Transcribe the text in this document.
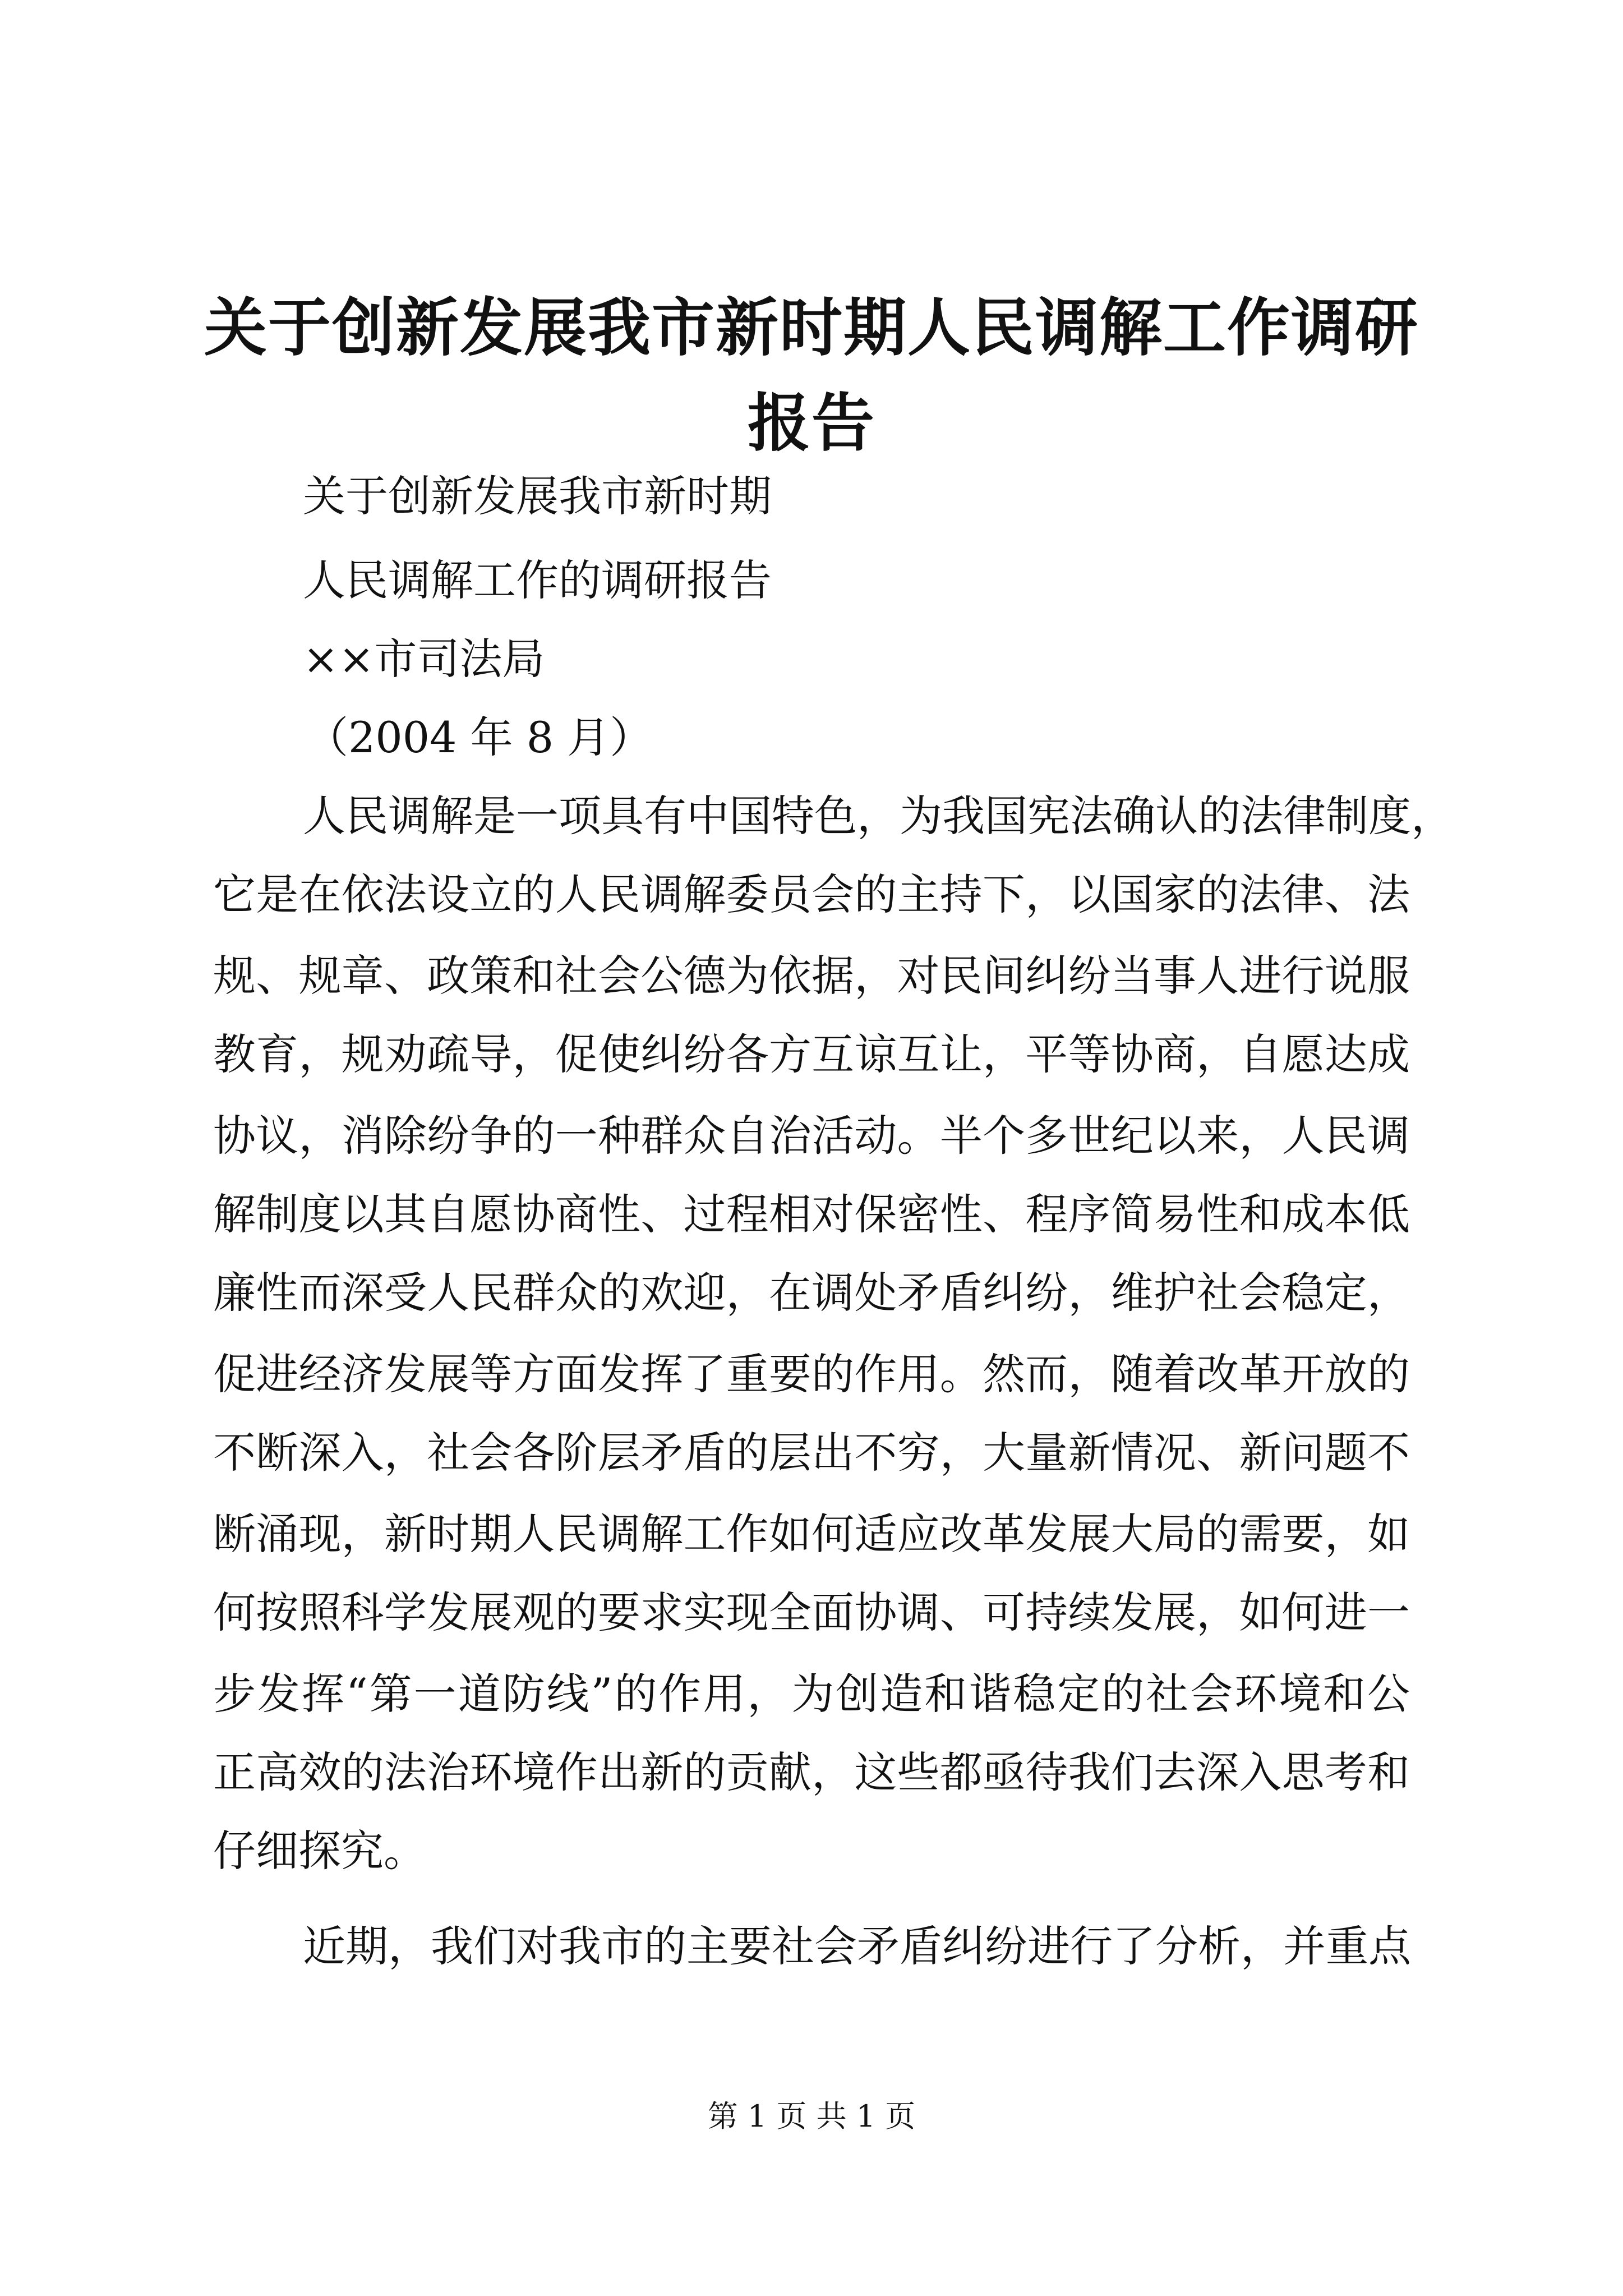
关于创新发展我市新时期人民调解工作调研报告
关于创新发展我市新时期
人民调解工作的调研报告
××市司法局
（2004 年 8 月）
人民调解是一项具有中国特色，为我国宪法确认的法律制度，
它是在依法设立的人民调解委员会的主持下，以国家的法律、法
规、规章、政策和社会公德为依据，对民间纠纷当事人进行说服
教育，规劝疏导，促使纠纷各方互谅互让，平等协商，自愿达成
协议，消除纷争的一种群众自治活动。半个多世纪以来，人民调
解制度以其自愿协商性、过程相对保密性、程序简易性和成本低
廉性而深受人民群众的欢迎，在调处矛盾纠纷，维护社会稳定，
促进经济发展等方面发挥了重要的作用。然而，随着改革开放的
不断深入，社会各阶层矛盾的层出不穷，大量新情况、新问题不
断涌现，新时期人民调解工作如何适应改革发展大局的需要，如
何按照科学发展观的要求实现全面协调、可持续发展，如何进一
步发挥“第一道防线”的作用，为创造和谐稳定的社会环境和公
正高效的法治环境作出新的贡献，这些都亟待我们去深入思考和
仔细探究。
近期，我们对我市的主要社会矛盾纠纷进行了分析，并重点
第 1 页 共 1 页
